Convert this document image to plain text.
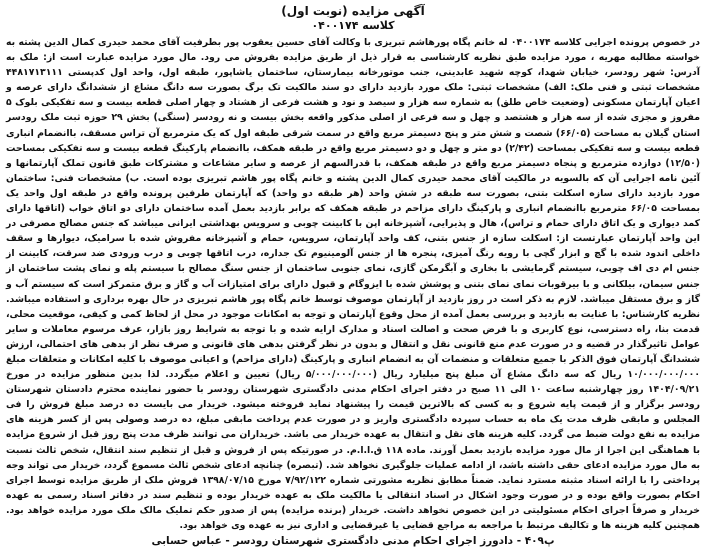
آگهی مزایده (نوبت اول)

کلاسه ۰۴۰۰۱۷۴

در خصوص پرونده اجرایی کلاسه ۰۴۰۰۱۷۴ له خانم پگاه پورهاشم تبریزی با وکالت آقای حسین یعقوب پور بطرفیت آقای محمد حیدری کمال الدین پشته به خواسته مطالبه مهریه ، مورد مزایده طبق نظریه کارشناسی به قرار ذیل از طریق مزایده بفروش می رود. مال مورد مزایده عبارت است از: ملک به آدرس: شهر رودسر، خیابان شهدا، کوچه شهید عابدینی، جنب موتورخانه بیمارستان، ساختمان یاشاپور، طبقه اول، واحد اول کدپستی ۴۴۸۱۷۱۳۱۱۱ مشخصات ثبتی و فنی ملک: الف) مشخصات ثبتی: ملک مورد بازدید دارای دو سند مالکیت تک برگ بصورت سه دانگ مشاع از ششدانگ دارای عرصه و اعیان آپارتمان مسکونی (وضعیت خاص طلق) به شماره سه هزار و سیصد و نود و هشت فرعی از هشتاد و چهار اصلی قطعه بیست و سه تفکیکی بلوک ۵ مفروز و مجزی شده از سه هزار و هشتصد و چهل و سه فرعی از اصلی مذکور واقعه بخش بیست و نه رودسر (سنگی) بخش ۲۹ حوزه ثبت ملک رودسر استان گیلان به مساحت (۶۶/۰۵) شصت و شش متر و پنج دسیمتر مربع واقع در سمت شرقی طبقه اول که یک مترمربع آن تراس مسقف، باانضمام انباری قطعه بیست و سه تفکیکی بمساحت (۲/۴۲) دو متر و چهل و دو دسیمتر مربع واقع در طبقه همکف، باانضمام پارکینگ قطعه بیست و سه تفکیکی بمساحت (۱۲/۵۰) دوازده مترمربع و پنجاه دسیمتر مربع واقع در طبقه همکف، با قدرالسهم از عرصه و سایر مشاعات و مشترکات طبق قانون تملک آپارتمانها و آئین نامه اجرایی آن که بالسویه در مالکیت آقای محمد حیدری کمال الدین پشته و خانم پگاه پور هاشم تبریزی بوده است. ب) مشخصات فنی: ساختمان مورد بازدید دارای سازه اسکلت بتنی، بصورت سه طبقه در شش واحد (هر طبقه دو واحد) که آپارتمان طرفین پرونده واقع در طبقه اول واحد یک بمساحت ۶۶/۰۵ مترمربع باانضمام انباری و پارکینگ دارای مزاحم در طبقه همکف که برابر بازدید بعمل آمده ساختمان دارای دو اتاق خواب (اتاقها دارای کمد دیواری و یک اتاق دارای حمام و تراس)، هال و پذیرایی، آشپزخانه اپن با کابینت چوبی و سرویس بهداشتی ایرانی میباشد که جنس مصالح مصرفی در این واحد آپارتمان عبارتست از: اسکلت سازه از جنس بتنی، کف واحد آپارتمان، سرویس، حمام و آشپزخانه مفروش شده با سرامیک، دیوارها و سقف داخلی اندود شده با گچ و ابزار گچی با رویه رنگ آمیزی، پنجره ها از جنس آلومینیوم تک جداره، درب اتاقها چوبی و درب ورودی ضد سرقت، کابینت از جنس ام دی اف چوبی، سیستم گرمایشی با بخاری و آبگرمکن گازی، نمای جنوبی ساختمان از جنس سنگ مصالح با سیستم پله و نمای پشت ساختمان از جنس سیمان، بیلکانی و با بیرقوبات نمای نمای بتنی و پوشش شده با ایزوگام و قبول دارای برای امتیازات آب و گاز و برق متمرکز است که سیستم آب و گاز و برق مستقل میباشد. لازم به ذکر است در روز بازدید از آپارتمان موصوف توسط خانم پگاه پور هاشم تبریزی در حال بهره برداری و استفاده میباشد. نظریه کارشناس: با عنایت به بازدید و بررسی بعمل آمده از محل وقوع آپارتمان و توجه به امکانات موجود در محل از لحاظ کمی و کیفی، موقعیت محلی، قدمت بنا، راه دسترسی، نوع کاربری و با فرض صحت و اصالت اسناد و مدارک ارایه شده و با توجه به شرایط روز بازار، عرف مرسوم معاملات و سایر عوامل تاثیرگذار در قضیه و در صورت عدم منع قانونی نقل و انتقال و بدون در نظر گرفتن بدهی های قانونی و صرف نظر از بدهی های احتمالی، ارزش ششدانگ آپارتمان فوق الذکر با جمیع متعلقات و منضمات آن به انضمام انباری و پارکینگ (دارای مزاحم) و اعیانی موصوف با کلیه امکانات و متعلقات مبلغ ۱۰/۰۰۰/۰۰۰/۰۰۰ ریال که سه دانگ مشاع آن مبلغ پنج میلیارد ریال (۵/۰۰۰/۰۰۰/۰۰۰ ریال) تعیین و اعلام میگردد. لذا بدین منظور مزایده در مورخ ۱۴۰۴/۰۹/۲۱ روز چهارشنبه ساعت ۱۰ الی ۱۱ صبح در دفتر اجرای احکام مدنی دادگستری شهرستان رودسر با حضور نماینده محترم دادستان شهرستان رودسر برگزار و از قیمت پایه شروع و به کسی که بالاترین قیمت را پیشنهاد نماید فروخته میشود. خریدار می بایست ده درصد مبلغ فروش را فی المجلس و مابقی ظرف مدت یک ماه به حساب سپرده دادگستری واریز و در صورت عدم پرداخت مابقی مبلغ، ده درصد وصولی پس از کسر هزینه های مزایده به نفع دولت ضبط می گردد. کلیه هزینه های نقل و انتقال به عهده خریدار می باشد. خریداران می توانند ظرف مدت پنج روز قبل از شروع مزایده با هماهنگی این اجرا از مال مورد مزایده بازدید بعمل آورند. ماده ۱۱۸ ق.ا.ا.م. در صورتیکه پس از فروش و قبل از تنظیم سند انتقال، شخص ثالث نسبت به مال مورد مزایده ادعای حقی داشته باشد، از ادامه عملیات جلوگیری نخواهد شد. (تبصره) چنانچه ادعای شخص ثالث مسموع گردد، خریدار می تواند وجه پرداختی را با ارائه اسناد مثبته مسترد نماید. ضمناً مطابق نظریه مشورتی شماره ۷/۹۲/۱۲۲ مورخ ۱۳۹۸/۰۷/۱۵ فروش ملک از طریق مزایده توسط اجرای احکام بصورت واقع بوده و در صورت وجود اشکال در اسناد انتقالی یا مالکیت ملک به عهده خریدار بوده و تنظیم سند در دفاتر اسناد رسمی به عهده خریدار و صرفاً اجرای احکام مسئولیتی در این خصوص نخواهد داشت. خریدار (برنده مزایده) پس از صدور حکم تملیک مالک ملک مورد مزایده خواهد بود. همچنین کلیه هزینه ها و تکالیف مرتبط با مراجعه به مراجع قضایی یا غیرقضایی و اداری نیز به عهده وی خواهد بود.

پ۴۰۹ - دادورز اجرای احکام مدنی دادگستری شهرستان رودسر - عباس حسابی
